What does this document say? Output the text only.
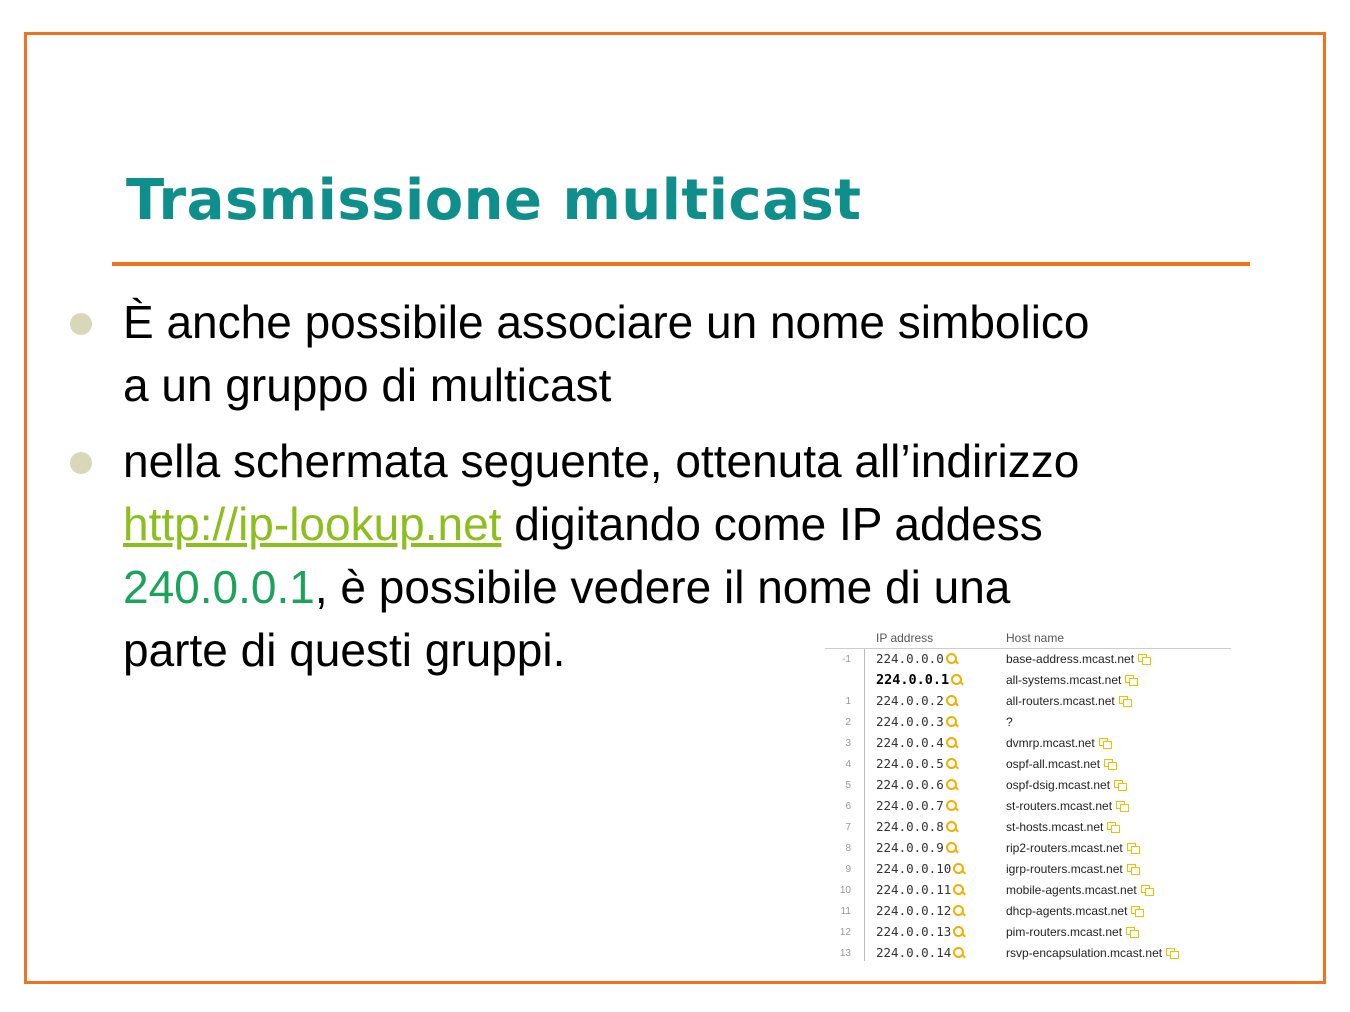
Trasmissione multicast

È anche possibile associare un nome simbolico

a un gruppo di multicast

nella schermata seguente, ottenuta all’indirizzo

http://ip-lookup.net digitando come IP addess

240.0.0.1, è possibile vedere il nome di una

parte di questi gruppi.	IP address	Host name
-1 224.0.0.0	base-address.mcast.net
224.0.0.1	all-systems.mcast.net
1 224.0.0.2	all-routers.mcast.net
2 224.0.0.3	?
3 224.0.0.4	dvmrp.mcast.net
4 224.0.0.5	ospf-all.mcast.net
5 224.0.0.6	ospf-dsig.mcast.net
6 224.0.0.7	st-routers.mcast.net
7 224.0.0.8	st-hosts.mcast.net
8 224.0.0.9	rip2-routers.mcast.net
9 224.0.0.10	igrp-routers.mcast.net
10 224.0.0.11	mobile-agents.mcast.net
11 224.0.0.12	dhcp-agents.mcast.net
12 224.0.0.13	pim-routers.mcast.net
13 224.0.0.14	rsvp-encapsulation.mcast.net
